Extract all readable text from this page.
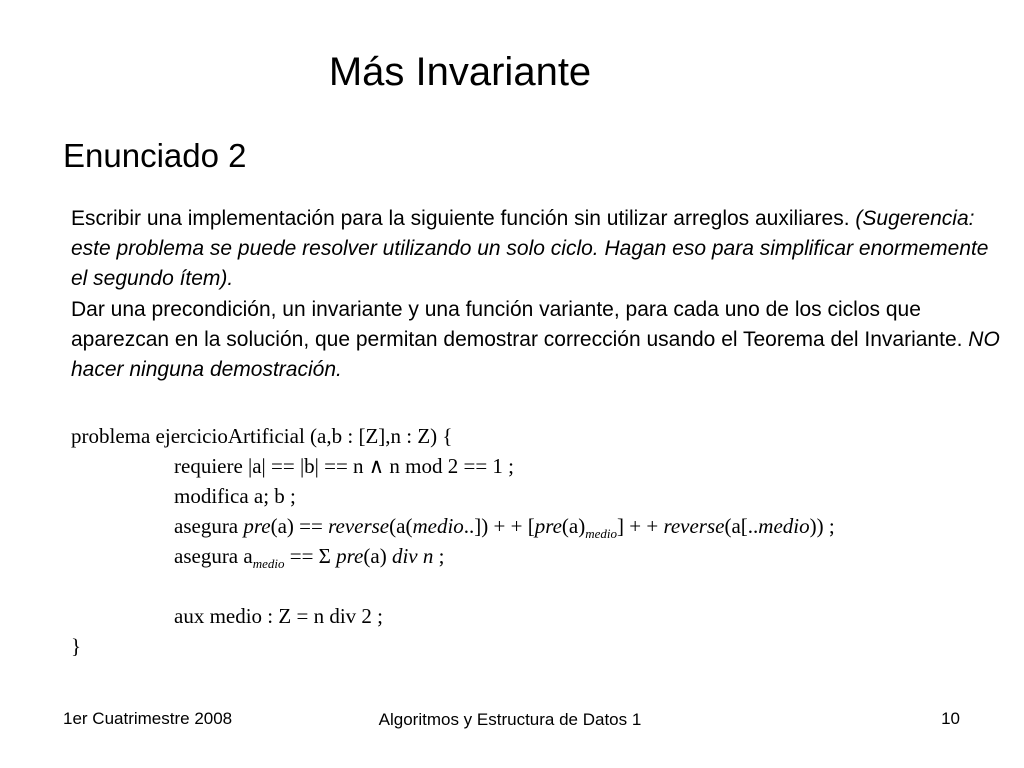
Más Invariante
Enunciado 2

Escribir una implementación para la siguiente función sin utilizar arreglos auxiliares. (Sugerencia: este problema se puede resolver utilizando un solo ciclo. Hagan eso para simplificar enormemente el segundo ítem).

Dar una precondición, un invariante y una función variante, para cada uno de los ciclos que aparezcan en la solución, que permitan demostrar corrección usando el Teorema del Invariante. NO hacer ninguna demostración.

problema ejercicioArtificial (a,b : [Z],n : Z) {
requiere |a| == |b| == n ∧ n mod 2 == 1 ;
modifica a; b ;
asegura pre(a) == reverse(a(medio..]) + + $[pre(a)_{medio}]$ + + reverse(a[..medio)) ;
asegura $a_{medio} == \Sigma$ pre(a) div n ;
aux medio : Z = n div 2 ;
}
1er Cuatrimestre 2008	Algoritmos y Estructura de Datos 1	10
